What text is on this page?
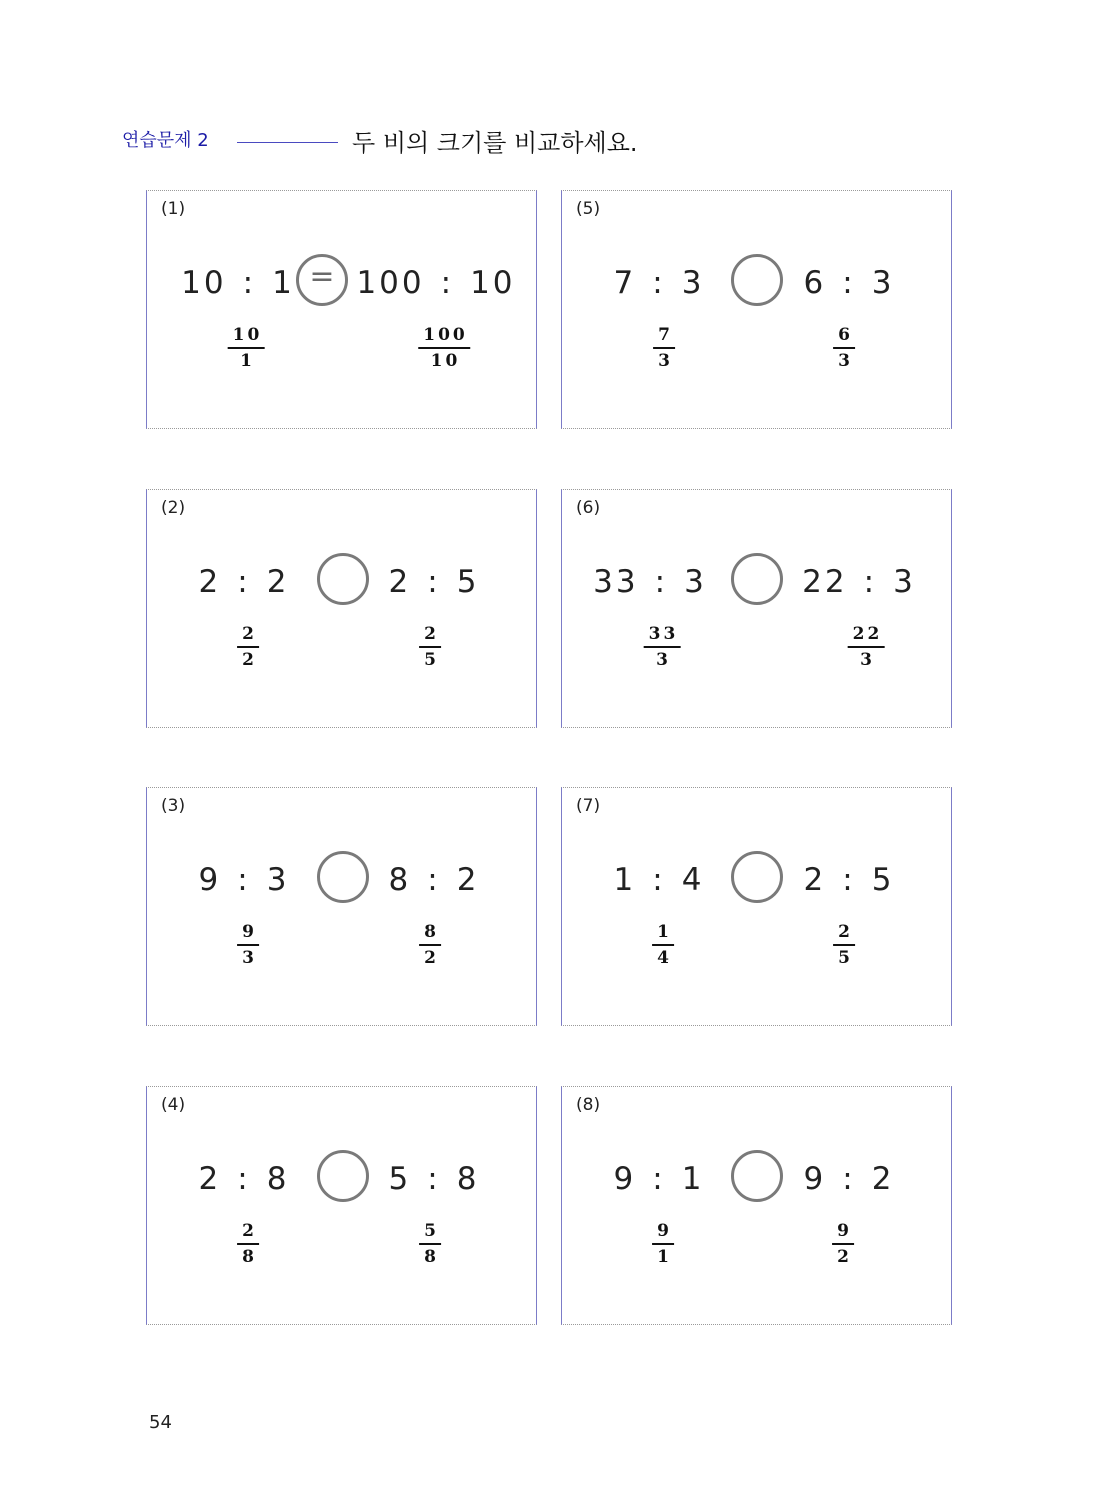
연습문제 2	두 비의 크기를 비교하세요.
(1)
10 : 1 = 100 : 10
10
1
100
10
(2)
2 : 2	2 : 5
2
2
2
5
(3)
9 : 3	8 : 2
9
3
8
2
(4)
2 : 8	5 : 8
2
8
5
8
(5)
7 : 3	6 : 3
7
3
6
3
(6)
33 : 3	22 : 3
33
3
22
3
(7)
1 : 4	2 : 5
1
4
2
5
(8)
9 : 1	9 : 2
9
1
9
2
54
